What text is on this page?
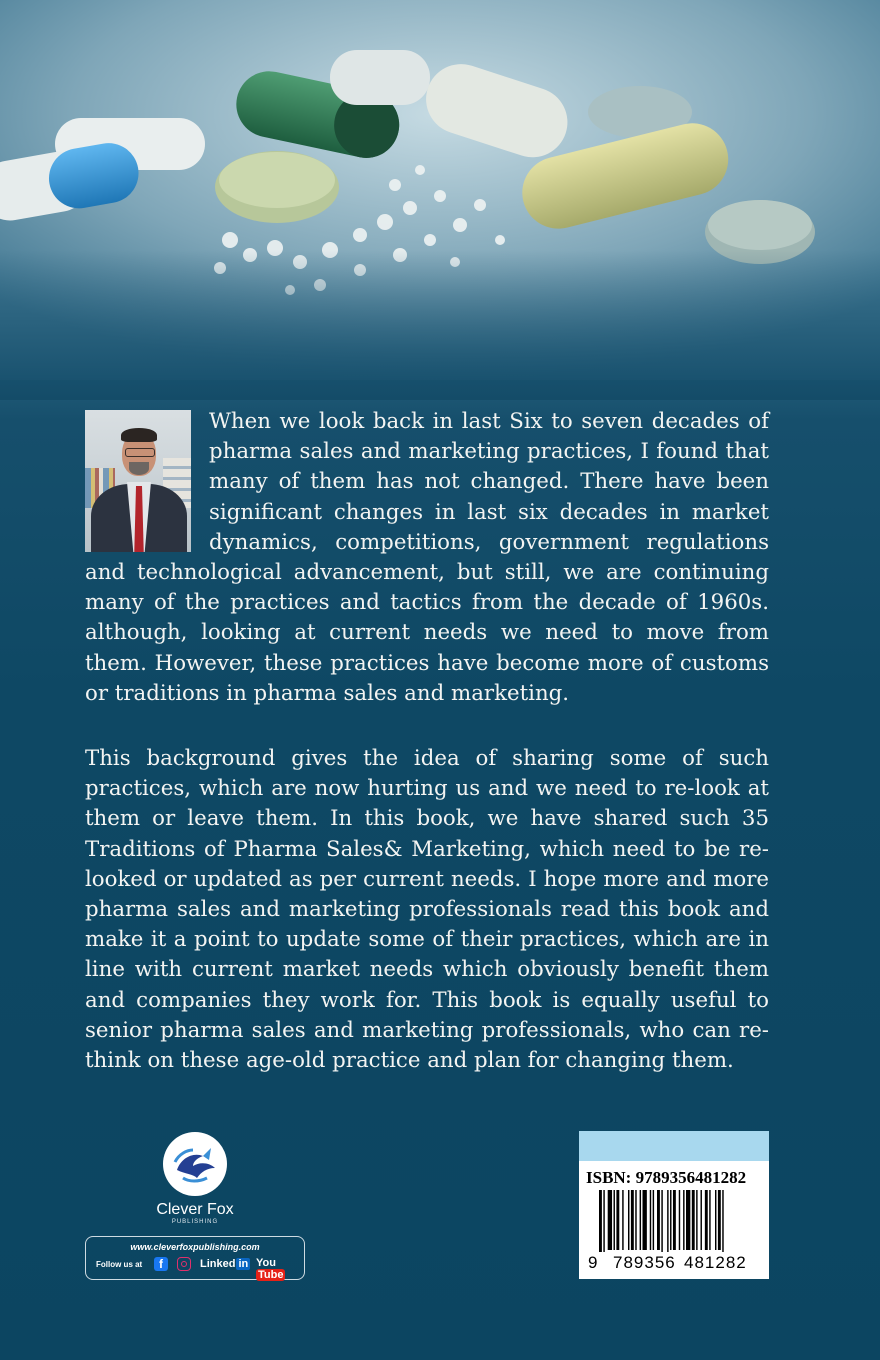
When we look back in last Six to seven decades of pharma sales and marketing practices, I found that many of them has not changed. There have been significant changes in last six decades in market dynamics, competitions, government regulations and technological advancement, but still, we are continuing many of the practices and tactics from the decade of 1960s. although, looking at current needs we need to move from them. However, these practices have become more of customs or traditions in pharma sales and marketing.

This background gives the idea of sharing some of such practices, which are now hurting us and we need to re-look at them or leave them. In this book, we have shared such 35 Traditions of Pharma Sales& Marketing, which need to be re-looked or updated as per current needs. I hope more and more pharma sales and marketing professionals read this book and make it a point to update some of their practices, which are in line with current market needs which obviously benefit them and companies they work for. This book is equally useful to senior pharma sales and marketing professionals, who can re-think on these age-old practice and plan for changing them.

Clever Fox
PUBLISHING
www.cleverfoxpublishing.com
Follow us at	f	Linked in YouTube
ISBN: 9789356481282
9 789356 481282
